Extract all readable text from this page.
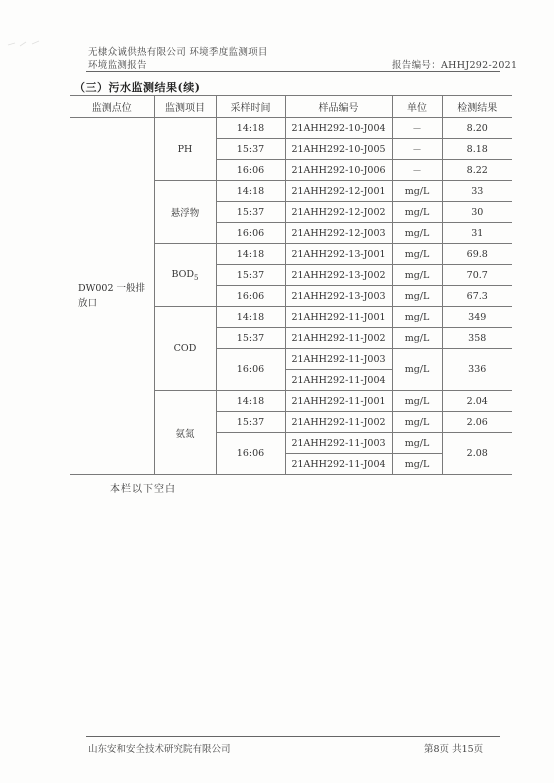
无棣众诚供热有限公司 环境季度监测项目
环境监测报告	报告编号：AHHJ292-2021
（三）污水监测结果(续)
监测点位	监测项目	采样时间	样品编号	单位	检测结果
DW002 一般排放口	PH	14:18	21AHH292-10-J004	－	8.20
		15:37	21AHH292-10-J005	－	8.18
		16:06	21AHH292-10-J006	－	8.22
	悬浮物	14:18	21AHH292-12-J001	mg/L	33
		15:37	21AHH292-12-J002	mg/L	30
		16:06	21AHH292-12-J003	mg/L	31
	$BOD_5$	14:18	21AHH292-13-J001	mg/L	69.8
		15:37	21AHH292-13-J002	mg/L	70.7
		16:06	21AHH292-13-J003	mg/L	67.3
	COD	14:18	21AHH292-11-J001	mg/L	349
		15:37	21AHH292-11-J002	mg/L	358
		16:06	21AHH292-11-J003	mg/L	336
			21AHH292-11-J004		
	氨氮	14:18	21AHH292-11-J001	mg/L	2.04
		15:37	21AHH292-11-J002	mg/L	2.06
		16:06	21AHH292-11-J003	mg/L	2.08
			21AHH292-11-J004	mg/L	
本栏以下空白
山东安和安全技术研究院有限公司	第8页 共15页
